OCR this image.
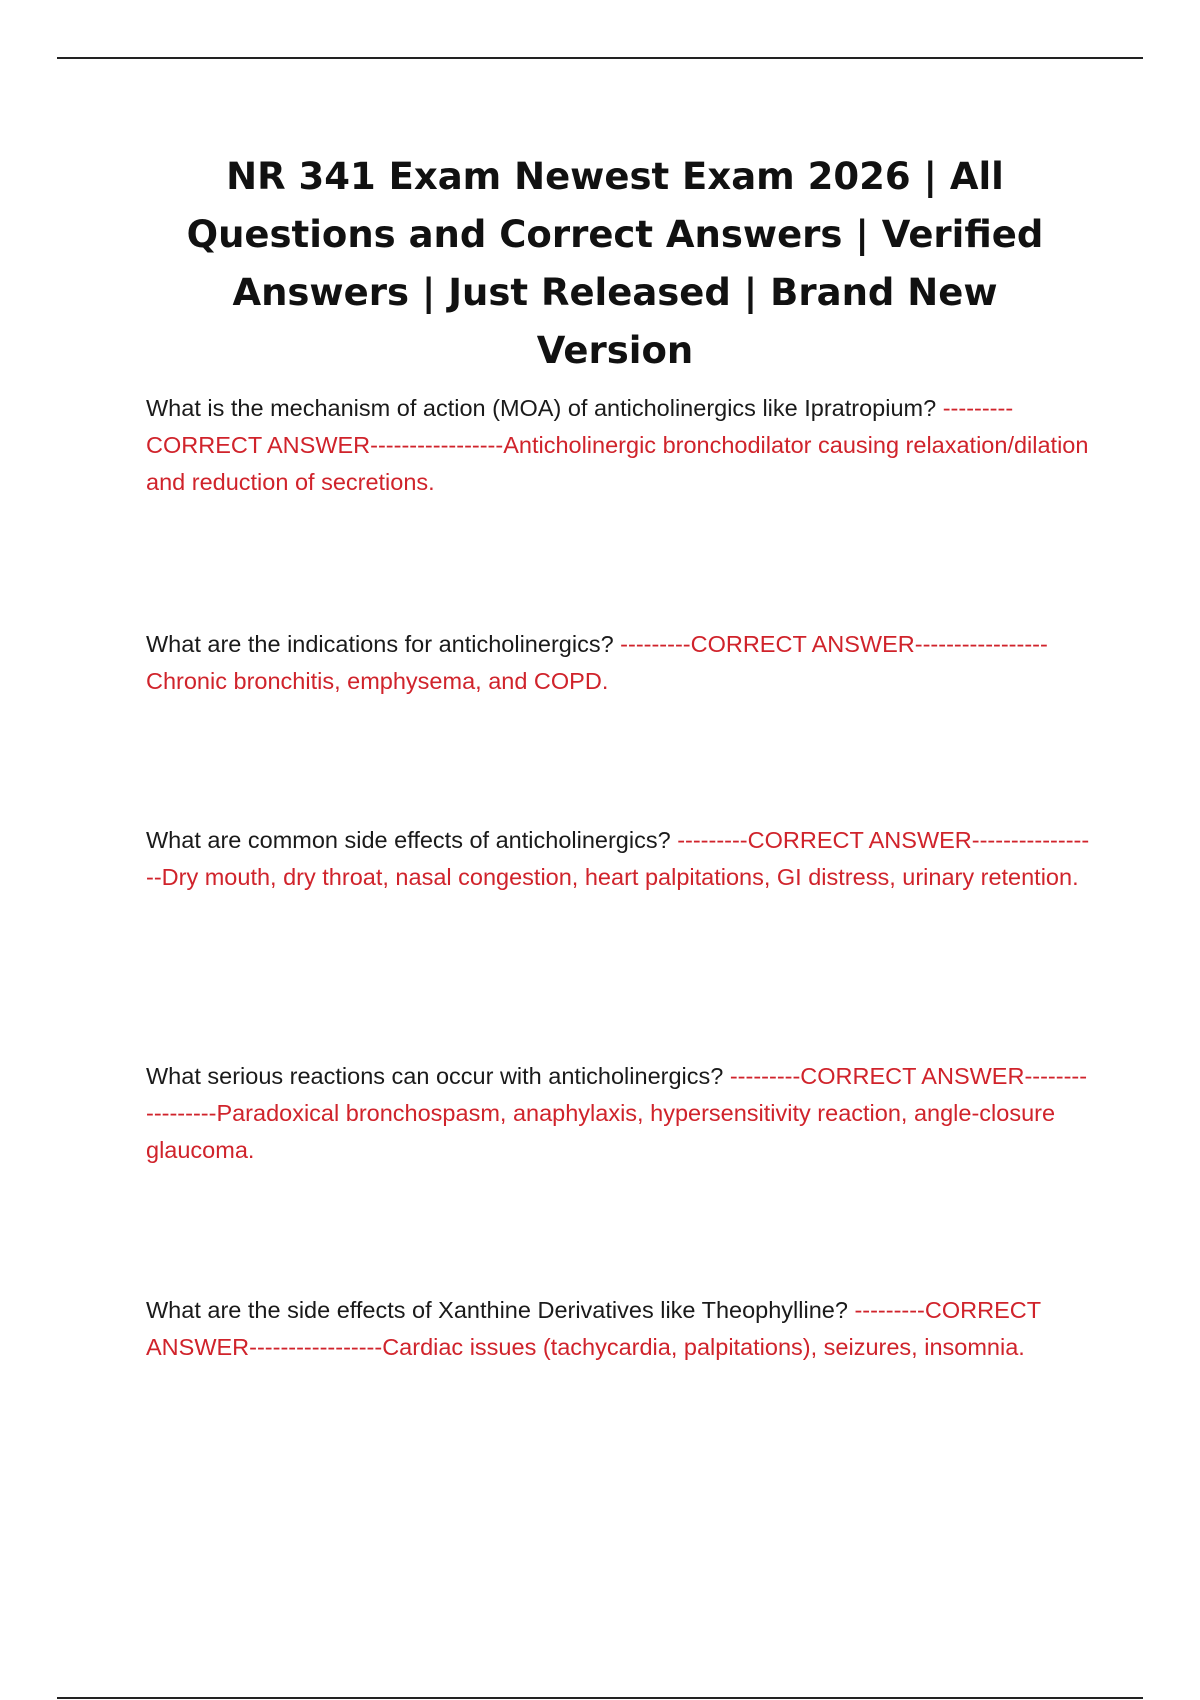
NR 341 Exam Newest Exam 2026 | All Questions and Correct Answers | Verified Answers | Just Released | Brand New Version

What is the mechanism of action (MOA) of anticholinergics like Ipratropium? ---------CORRECT ANSWER-----------------Anticholinergic bronchodilator causing relaxation/dilation and reduction of secretions.

What are the indications for anticholinergics? ---------CORRECT ANSWER-----------------Chronic bronchitis, emphysema, and COPD.

What are common side effects of anticholinergics? ---------CORRECT ANSWER-----------------Dry mouth, dry throat, nasal congestion, heart palpitations, GI distress, urinary retention.

What serious reactions can occur with anticholinergics? ---------CORRECT ANSWER-----------------Paradoxical bronchospasm, anaphylaxis, hypersensitivity reaction, angle-closure glaucoma.

What are the side effects of Xanthine Derivatives like Theophylline? ---------CORRECT ANSWER-----------------Cardiac issues (tachycardia, palpitations), seizures, insomnia.
